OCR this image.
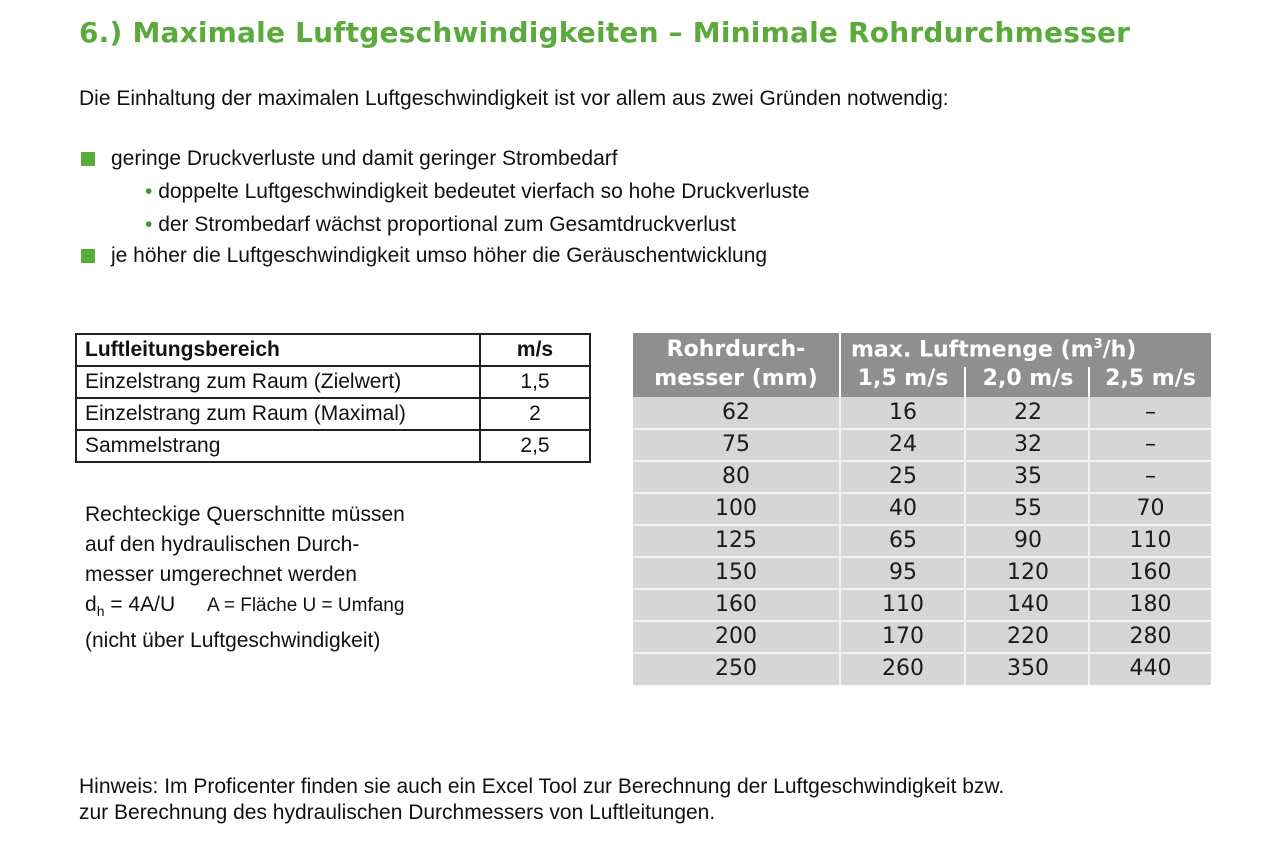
6.) Maximale Luftgeschwindigkeiten – Minimale Rohrdurchmesser
Die Einhaltung der maximalen Luftgeschwindigkeit ist vor allem aus zwei Gründen notwendig:
geringe Druckverluste und damit geringer Strombedarf
• doppelte Luftgeschwindigkeit bedeutet vierfach so hohe Druckverluste
• der Strombedarf wächst proportional zum Gesamtdruckverlust
je höher die Luftgeschwindigkeit umso höher die Geräuschentwicklung
Luftleitungsbereich	m/s
Einzelstrang zum Raum (Zielwert)	1,5
Einzelstrang zum Raum (Maximal)	2
Sammelstrang	2,5
Rechteckige Querschnitte müssen
auf den hydraulischen Durch-
messer umgerechnet werden
$d_h = 4A/U$ A = Fläche U = Umfang
(nicht über Luftgeschwindigkeit)
Rohrdurch-
messer (mm)
max. Luftmenge $(m^3/h)$
1,5 m/s	2,0 m/s	2,5 m/s
62	16	22	–
75	24	32	–
80	25	35	–
100	40	55	70
125	65	90	110
150	95	120	160
160	110	140	180
200	170	220	280
250	260	350	440
Hinweis: Im Proficenter finden sie auch ein Excel Tool zur Berechnung der Luftgeschwindigkeit bzw.
zur Berechnung des hydraulischen Durchmessers von Luftleitungen.
